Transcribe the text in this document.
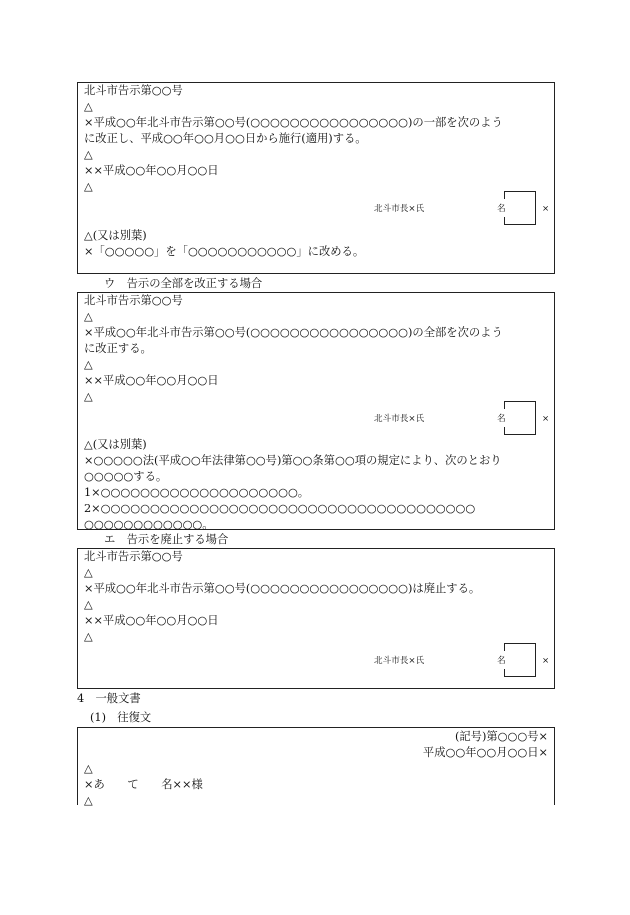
北斗市告示第○○号
△
×平成○○年北斗市告示第○○号(○○○○○○○○○○○○○○○○)の一部を次のよう
に改正し、平成○○年○○月○○日から施行(適用)する。
△
××平成○○年○○月○○日
△
北斗市長×氏	名	×
△(又は別葉)
×「○○○○○」を「○○○○○○○○○○○」に改める。
ウ　告示の全部を改正する場合
北斗市告示第○○号
△
×平成○○年北斗市告示第○○号(○○○○○○○○○○○○○○○○)の全部を次のよう
に改正する。
△
××平成○○年○○月○○日
△
北斗市長×氏	名	×
△(又は別葉)
×○○○○○法(平成○○年法律第○○号)第○○条第○○項の規定により、次のとおり
○○○○○する。
1×○○○○○○○○○○○○○○○○○○○○。
2×○○○○○○○○○○○○○○○○○○○○○○○○○○○○○○○○○○○○○○
○○○○○○○○○○○○。
エ　告示を廃止する場合
北斗市告示第○○号
△
×平成○○年北斗市告示第○○号(○○○○○○○○○○○○○○○○)は廃止する。
△
××平成○○年○○月○○日
△
北斗市長×氏	名	×
4　一般文書
(1)　往復文
(記号)第○○○号×
平成○○年○○月○○日×
△
×あ　　て　　名××様
△
